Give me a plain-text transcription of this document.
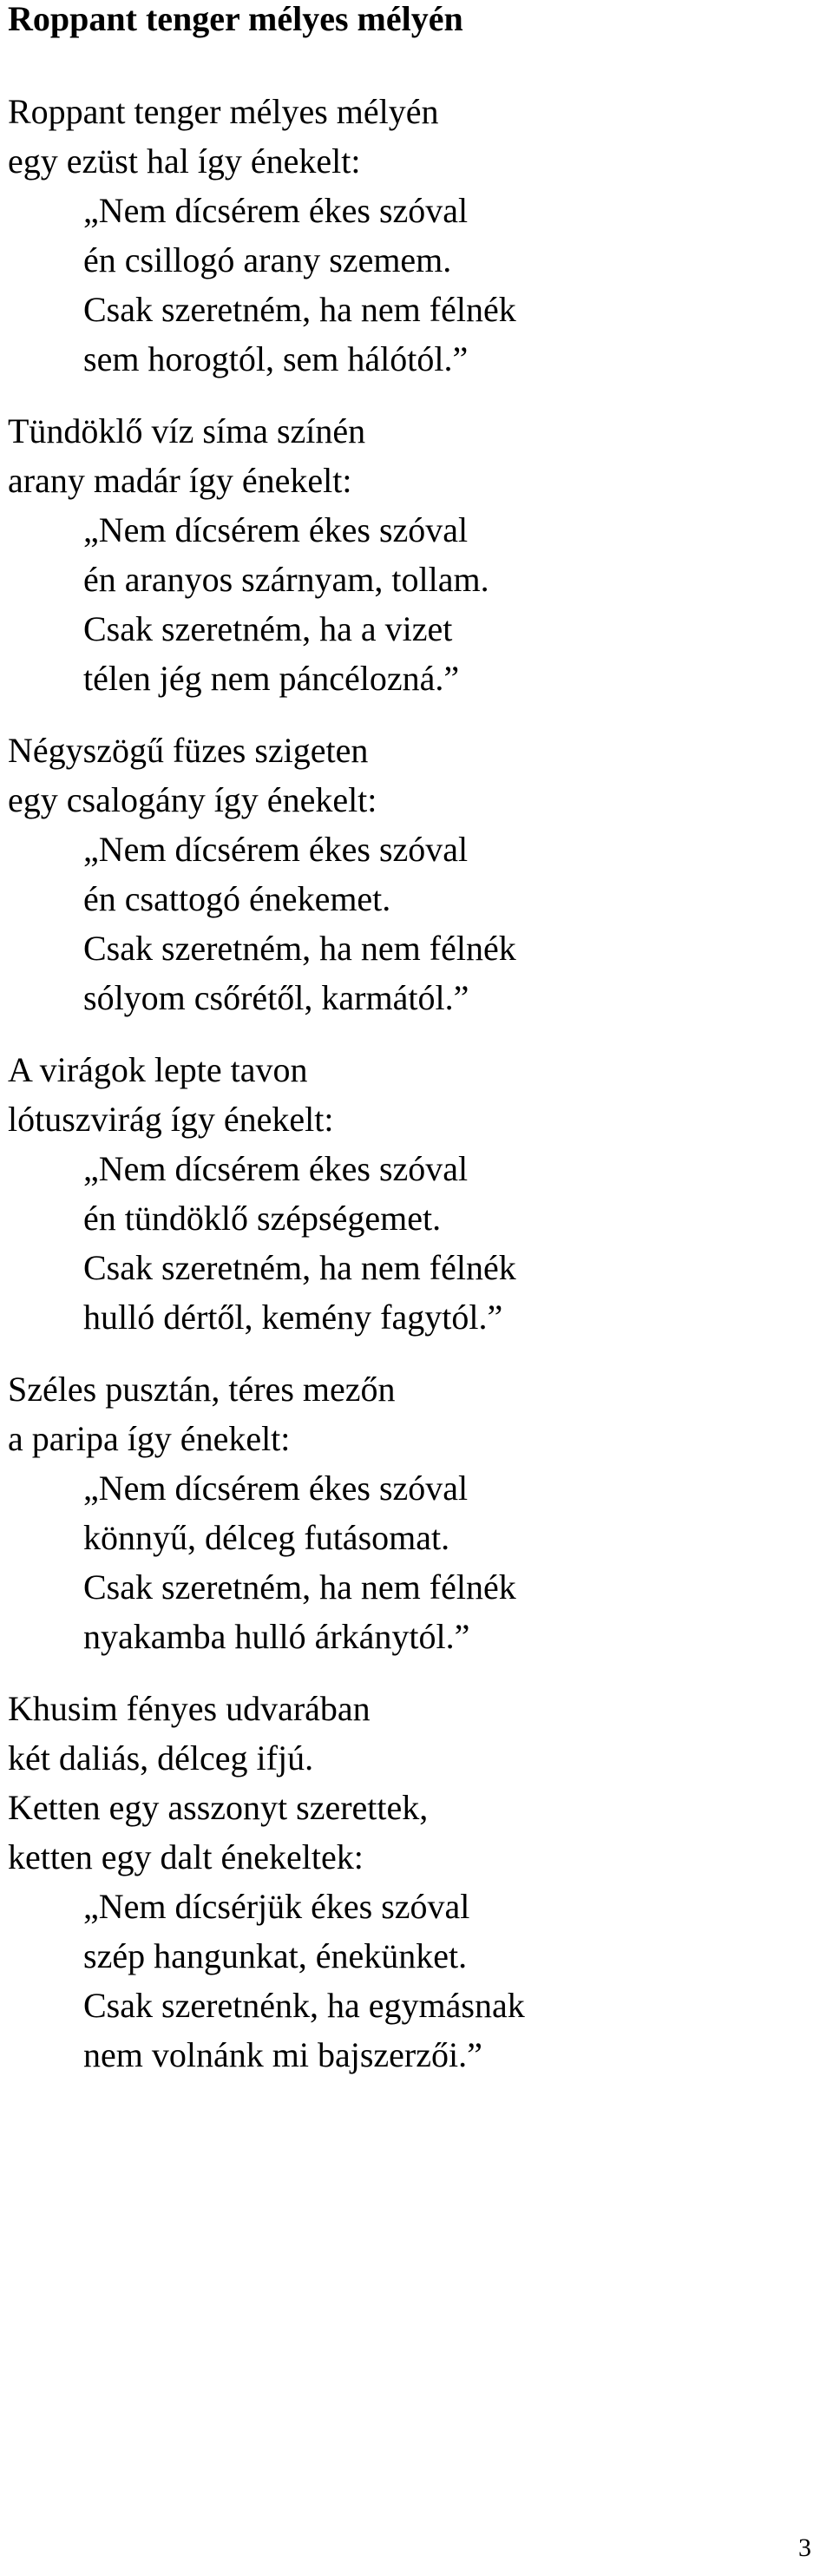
Roppant tenger mélyes mélyén
Roppant tenger mélyes mélyén
egy ezüst hal így énekelt:
„Nem dícsérem ékes szóval
én csillogó arany szemem.
Csak szeretném, ha nem félnék
sem horogtól, sem hálótól.”
Tündöklő víz síma színén
arany madár így énekelt:
„Nem dícsérem ékes szóval
én aranyos szárnyam, tollam.
Csak szeretném, ha a vizet
télen jég nem páncélozná.”
Négyszögű füzes szigeten
egy csalogány így énekelt:
„Nem dícsérem ékes szóval
én csattogó énekemet.
Csak szeretném, ha nem félnék
sólyom csőrétől, karmától.”
A virágok lepte tavon
lótuszvirág így énekelt:
„Nem dícsérem ékes szóval
én tündöklő szépségemet.
Csak szeretném, ha nem félnék
hulló dértől, kemény fagytól.”
Széles pusztán, téres mezőn
a paripa így énekelt:
„Nem dícsérem ékes szóval
könnyű, délceg futásomat.
Csak szeretném, ha nem félnék
nyakamba hulló árkánytól.”
Khusim fényes udvarában
két daliás, délceg ifjú.
Ketten egy asszonyt szerettek,
ketten egy dalt énekeltek:
„Nem dícsérjük ékes szóval
szép hangunkat, énekünket.
Csak szeretnénk, ha egymásnak
nem volnánk mi bajszerzői.”
3
